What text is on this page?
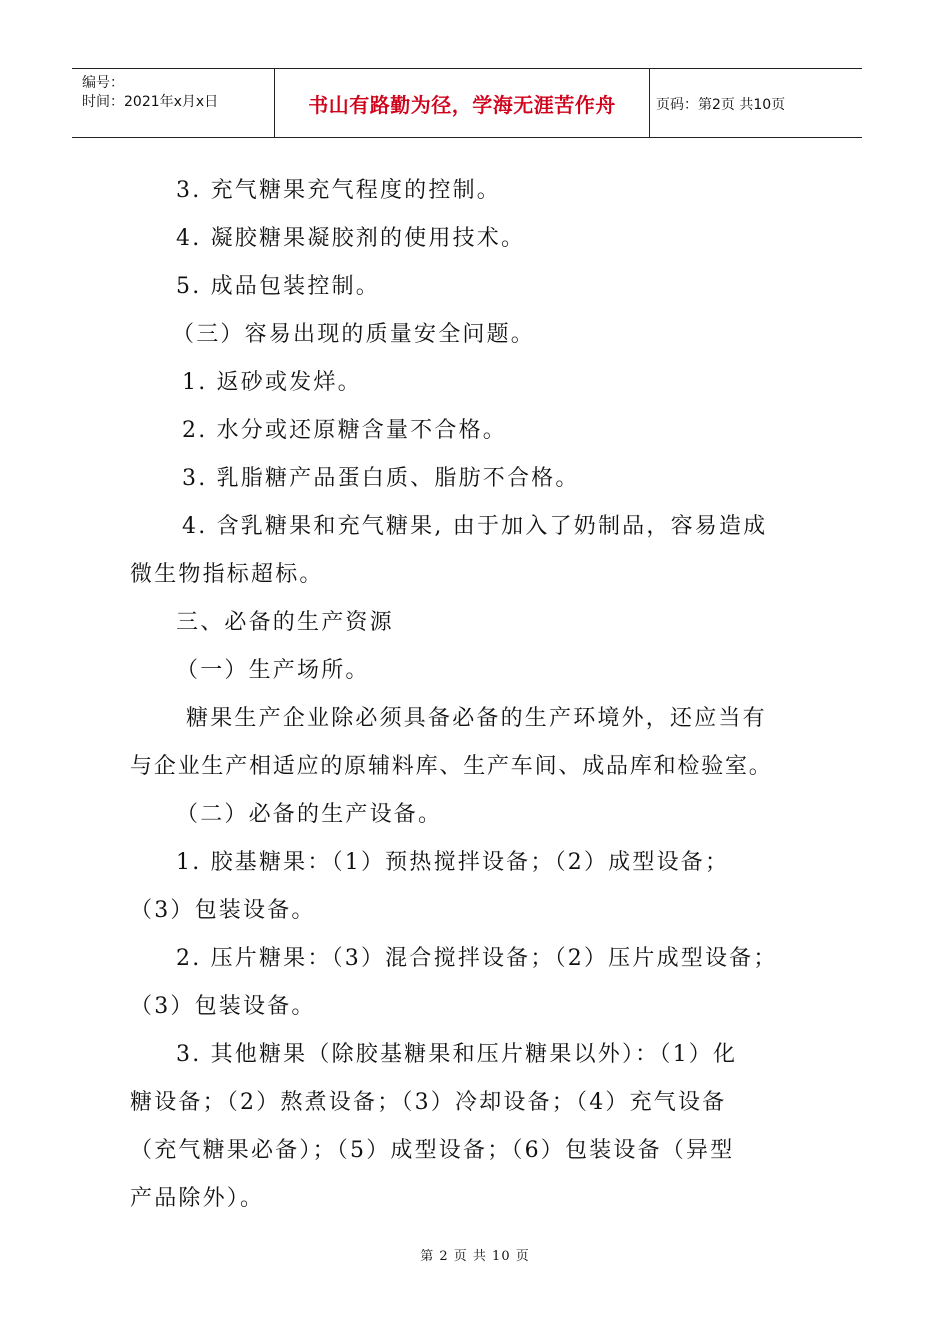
编号：
时间：2021年x月x日	书山有路勤为径，学海无涯苦作舟	页码：第2页 共10页
3. 充气糖果充气程度的控制。
4. 凝胶糖果凝胶剂的使用技术。
5. 成品包装控制。
（三）容易出现的质量安全问题。
1. 返砂或发烊。
2. 水分或还原糖含量不合格。
3. 乳脂糖产品蛋白质、脂肪不合格。
4. 含乳糖果和充气糖果, 由于加入了奶制品，容易造成
微生物指标超标。
三、必备的生产资源
（一）生产场所。
糖果生产企业除必须具备必备的生产环境外，还应当有
与企业生产相适应的原辅料库、生产车间、成品库和检验室。
（二）必备的生产设备。
1. 胶基糖果：（1）预热搅拌设备；（2）成型设备；
（3）包装设备。
2. 压片糖果：（3）混合搅拌设备；（2）压片成型设备；
（3）包装设备。
3. 其他糖果（除胶基糖果和压片糖果以外）：（1）化
糖设备；（2）熬煮设备；（3）冷却设备；（4）充气设备
（充气糖果必备）；（5）成型设备；（6）包装设备（异型
产品除外）。
第 2 页 共 10 页
